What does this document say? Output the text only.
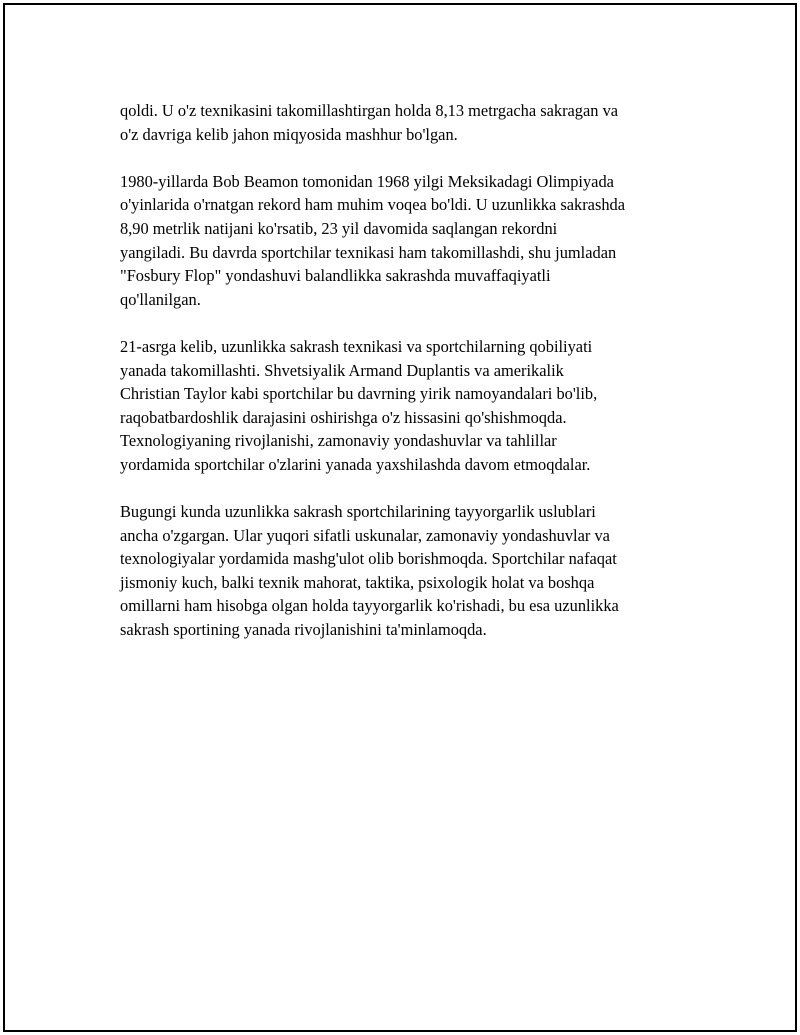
qoldi. U o'z texnikasini takomillashtirgan holda 8,13 metrgacha sakragan va
o'z davriga kelib jahon miqyosida mashhur bo'lgan.

1980-yillarda Bob Beamon tomonidan 1968 yilgi Meksikadagi Olimpiyada
o'yinlarida o'rnatgan rekord ham muhim voqea bo'ldi. U uzunlikka sakrashda
8,90 metrlik natijani ko'rsatib, 23 yil davomida saqlangan rekordni
yangiladi. Bu davrda sportchilar texnikasi ham takomillashdi, shu jumladan
"Fosbury Flop" yondashuvi balandlikka sakrashda muvaffaqiyatli
qo'llanilgan.

21-asrga kelib, uzunlikka sakrash texnikasi va sportchilarning qobiliyati
yanada takomillashti. Shvetsiyalik Armand Duplantis va amerikalik
Christian Taylor kabi sportchilar bu davrning yirik namoyandalari bo'lib,
raqobatbardoshlik darajasini oshirishga o'z hissasini qo'shishmoqda.
Texnologiyaning rivojlanishi, zamonaviy yondashuvlar va tahlillar
yordamida sportchilar o'zlarini yanada yaxshilashda davom etmoqdalar.

Bugungi kunda uzunlikka sakrash sportchilarining tayyorgarlik uslublari
ancha o'zgargan. Ular yuqori sifatli uskunalar, zamonaviy yondashuvlar va
texnologiyalar yordamida mashg'ulot olib borishmoqda. Sportchilar nafaqat
jismoniy kuch, balki texnik mahorat, taktika, psixologik holat va boshqa
omillarni ham hisobga olgan holda tayyorgarlik ko'rishadi, bu esa uzunlikka
sakrash sportining yanada rivojlanishini ta'minlamoqda.
